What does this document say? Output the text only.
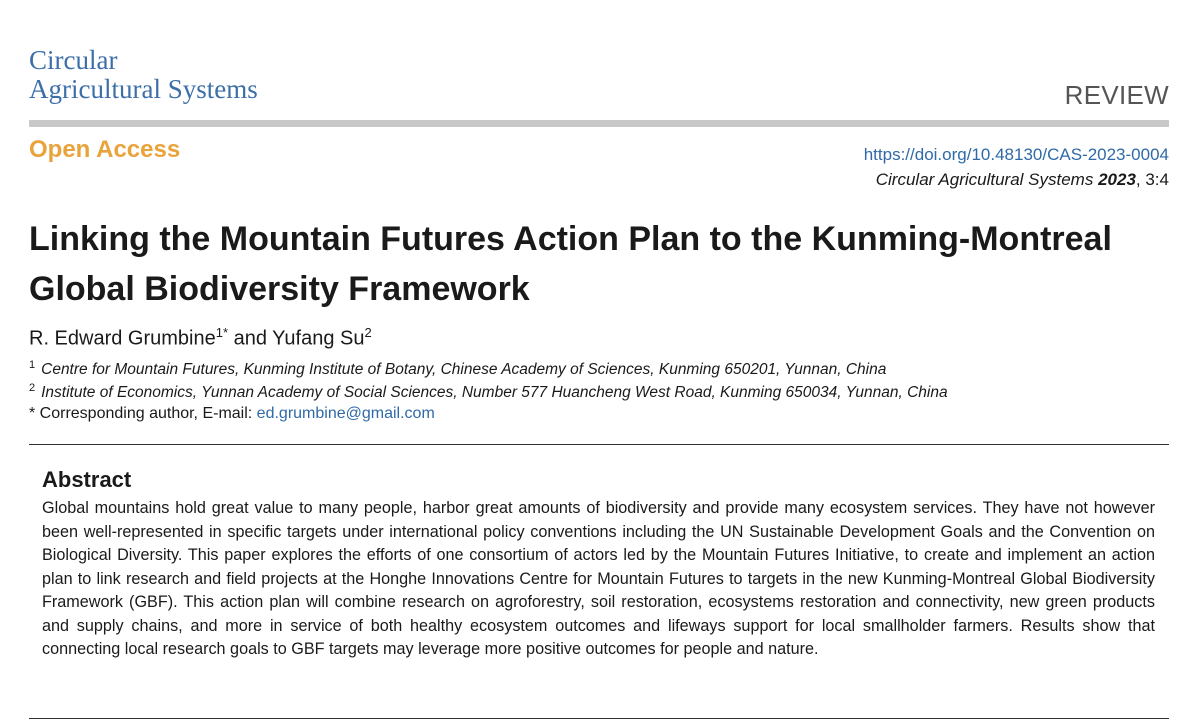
Circular
Agricultural Systems	REVIEW
Open Access	https://doi.org/10.48130/CAS-2023-0004
Circular Agricultural Systems 2023, 3:4
Linking the Mountain Futures Action Plan to the Kunming-Montreal Global Biodiversity Framework
R. Edward Grumbine$^{1*}$ and Yufang Su$^2$
$^1$ Centre for Mountain Futures, Kunming Institute of Botany, Chinese Academy of Sciences, Kunming 650201, Yunnan, China
$^2$ Institute of Economics, Yunnan Academy of Social Sciences, Number 577 Huancheng West Road, Kunming 650034, Yunnan, China
* Corresponding author, E-mail: ed.grumbine@gmail.com
Abstract

Global mountains hold great value to many people, harbor great amounts of biodiversity and provide many ecosystem services. They have not however been well-represented in specific targets under international policy conventions including the UN Sustainable Development Goals and the Convention on Biological Diversity. This paper explores the efforts of one consortium of actors led by the Mountain Futures Initiative, to create and implement an action plan to link research and field projects at the Honghe Innovations Centre for Mountain Futures to targets in the new Kunming-Montreal Global Biodiversity Framework (GBF). This action plan will combine research on agroforestry, soil restoration, ecosystems restoration and connectivity, new green products and supply chains, and more in service of both healthy ecosystem outcomes and lifeways support for local smallholder farmers. Results show that connecting local research goals to GBF targets may leverage more positive outcomes for people and nature.
